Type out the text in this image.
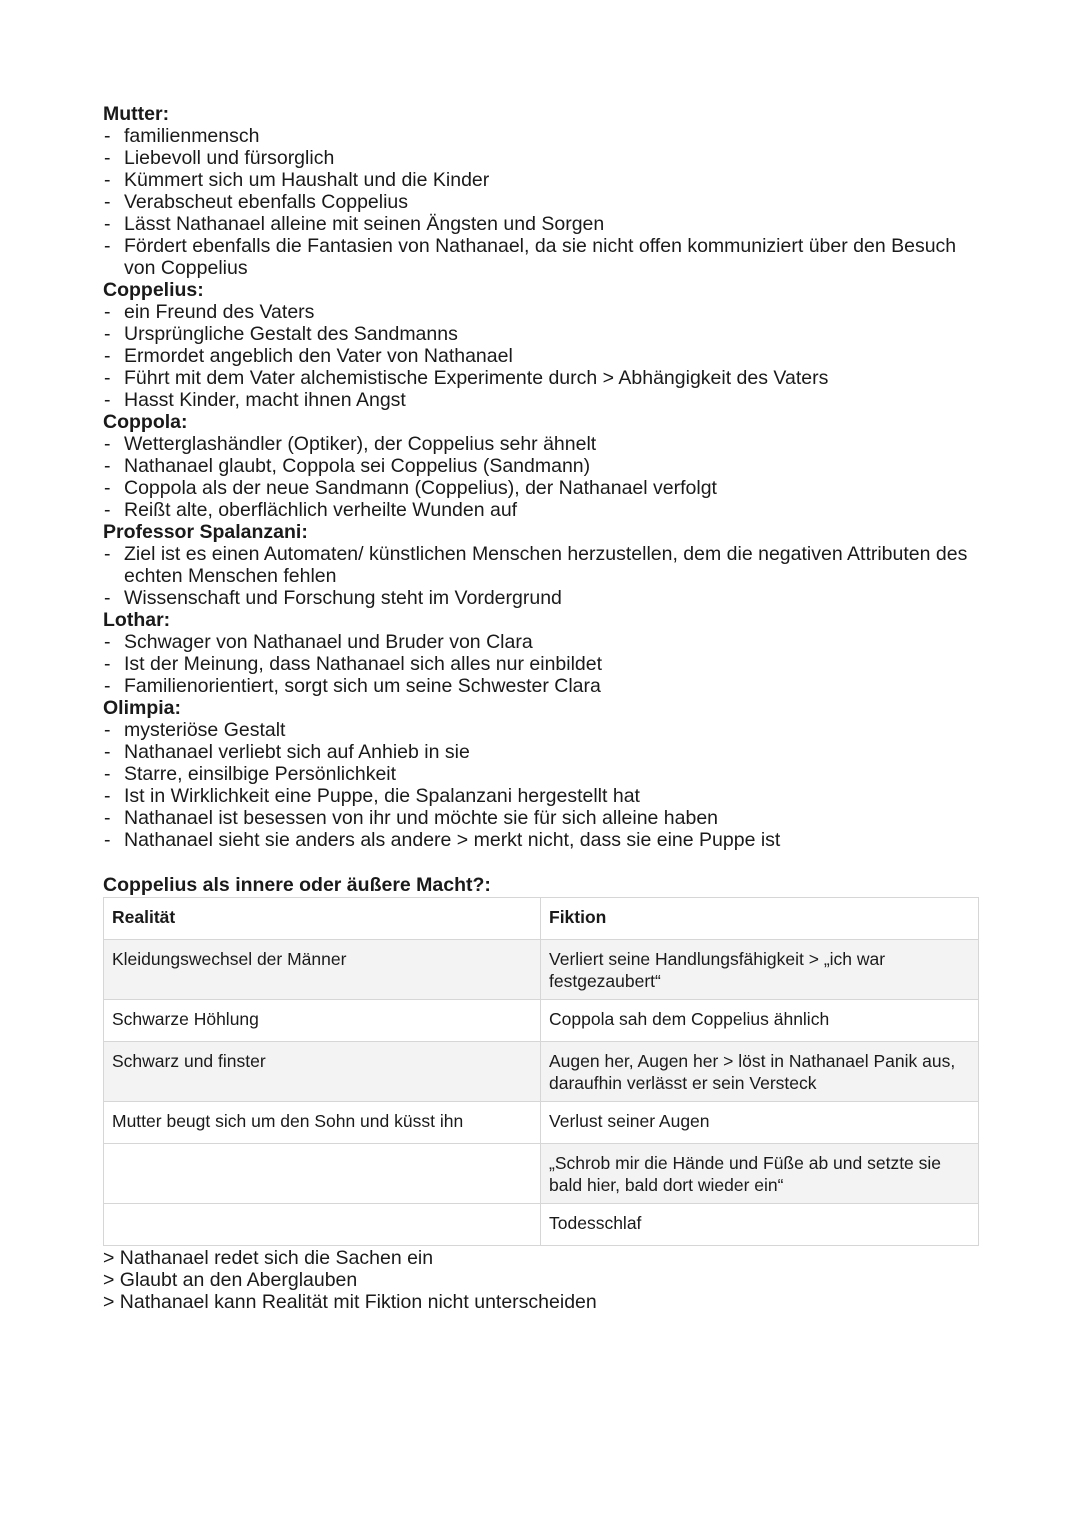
Mutter:
- familienmensch
- Liebevoll und fürsorglich
- Kümmert sich um Haushalt und die Kinder
- Verabscheut ebenfalls Coppelius
- Lässt Nathanael alleine mit seinen Ängsten und Sorgen
- Fördert ebenfalls die Fantasien von Nathanael, da sie nicht offen kommuniziert über den Besuch von Coppelius
Coppelius:
- ein Freund des Vaters
- Ursprüngliche Gestalt des Sandmanns
- Ermordet angeblich den Vater von Nathanael
- Führt mit dem Vater alchemistische Experimente durch > Abhängigkeit des Vaters
- Hasst Kinder, macht ihnen Angst
Coppola:
- Wetterglashändler (Optiker), der Coppelius sehr ähnelt
- Nathanael glaubt, Coppola sei Coppelius (Sandmann)
- Coppola als der neue Sandmann (Coppelius), der Nathanael verfolgt
- Reißt alte, oberflächlich verheilte Wunden auf
Professor Spalanzani:
- Ziel ist es einen Automaten/ künstlichen Menschen herzustellen, dem die negativen Attributen des echten Menschen fehlen
- Wissenschaft und Forschung steht im Vordergrund
Lothar:
- Schwager von Nathanael und Bruder von Clara
- Ist der Meinung, dass Nathanael sich alles nur einbildet
- Familienorientiert, sorgt sich um seine Schwester Clara
Olimpia:
- mysteriöse Gestalt
- Nathanael verliebt sich auf Anhieb in sie
- Starre, einsilbige Persönlichkeit
- Ist in Wirklichkeit eine Puppe, die Spalanzani hergestellt hat
- Nathanael ist besessen von ihr und möchte sie für sich alleine haben
- Nathanael sieht sie anders als andere > merkt nicht, dass sie eine Puppe ist
Coppelius als innere oder äußere Macht?:
Realität	Fiktion
Kleidungswechsel der Männer	Verliert seine Handlungsfähigkeit > „ich war festgezaubert“
Schwarze Höhlung	Coppola sah dem Coppelius ähnlich
Schwarz und finster	Augen her, Augen her > löst in Nathanael Panik aus, daraufhin verlässt er sein Versteck
Mutter beugt sich um den Sohn und küsst ihn	Verlust seiner Augen
	„Schrob mir die Hände und Füße ab und setzte sie bald hier, bald dort wieder ein“
	Todesschlaf
> Nathanael redet sich die Sachen ein
> Glaubt an den Aberglauben
> Nathanael kann Realität mit Fiktion nicht unterscheiden
